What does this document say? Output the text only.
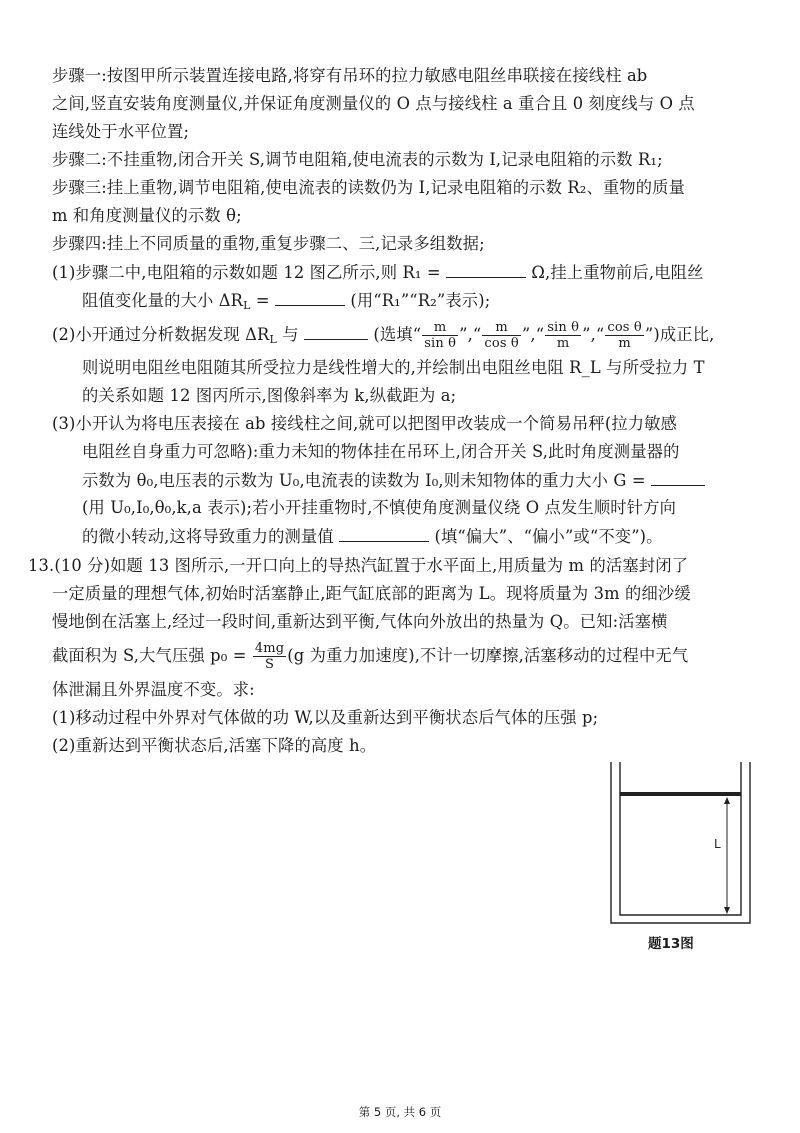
步骤一:按图甲所示装置连接电路,将穿有吊环的拉力敏感电阻丝串联接在接线柱 ab
之间,竖直安装角度测量仪,并保证角度测量仪的 O 点与接线柱 a 重合且 0 刻度线与 O 点
连线处于水平位置;
步骤二:不挂重物,闭合开关 S,调节电阻箱,使电流表的示数为 I,记录电阻箱的示数 R₁;
步骤三:挂上重物,调节电阻箱,使电流表的读数仍为 I,记录电阻箱的示数 R₂、重物的质量
m 和角度测量仪的示数 θ;
步骤四:挂上不同质量的重物,重复步骤二、三,记录多组数据;
(1)步骤二中,电阻箱的示数如题 12 图乙所示,则 R₁ =	Ω,挂上重物前后,电阻丝
阻值变化量的大小 $\Delta R_L$ =	(用“R₁”“R₂”表示);
(2)小开通过分析数据发现 $\Delta R_L$ 与	(选填“ $\frac{m}{\text{sin θ}}$ ”,“ $\frac{m}{\text{cos θ}}$ ”,“ $\frac{\text{sin θ}}{m}$ ”,“ $\frac{\text{cos θ}}{m}$ ”)成正比,
则说明电阻丝电阻随其所受拉力是线性增大的,并绘制出电阻丝电阻 R_L 与所受拉力 T
的关系如题 12 图丙所示,图像斜率为 k,纵截距为 a;
(3)小开认为将电压表接在 ab 接线柱之间,就可以把图甲改装成一个简易吊秤(拉力敏感
电阻丝自身重力可忽略):重力未知的物体挂在吊环上,闭合开关 S,此时角度测量器的
示数为 θ₀,电压表的示数为 U₀,电流表的读数为 I₀,则未知物体的重力大小 G =
(用 U₀,I₀,θ₀,k,a 表示);若小开挂重物时,不慎使角度测量仪绕 O 点发生顺时针方向
的微小转动,这将导致重力的测量值	(填“偏大”、“偏小”或“不变”)。
13.(10 分)如题 13 图所示,一开口向上的导热汽缸置于水平面上,用质量为 m 的活塞封闭了
一定质量的理想气体,初始时活塞静止,距气缸底部的距离为 L。现将质量为 3m 的细沙缓
慢地倒在活塞上,经过一段时间,重新达到平衡,气体向外放出的热量为 Q。已知:活塞横
截面积为 S,大气压强 $p_0 = \frac{4mg}{S} (g$ 为重力加速度),不计一切摩擦,活塞移动的过程中无气
体泄漏且外界温度不变。求:
(1)移动过程中外界对气体做的功 W,以及重新达到平衡状态后气体的压强 p;
(2)重新达到平衡状态后,活塞下降的高度 h。
L
题13图
第 5 页, 共 6 页
